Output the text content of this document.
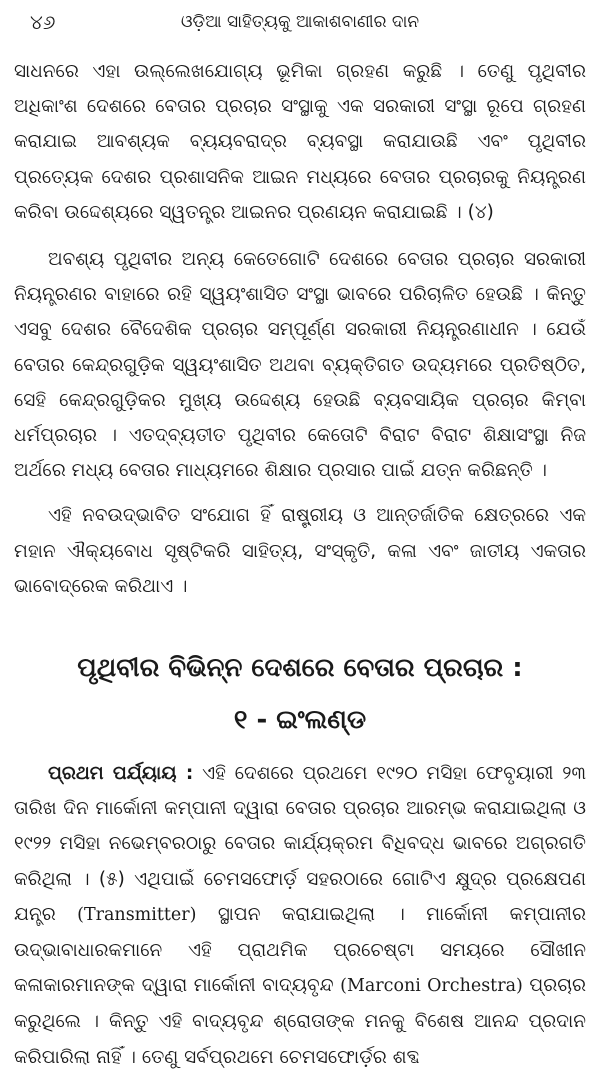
୪୬	ଓଡ଼ିଆ ସାହିତ୍ୟକୁ ଆକାଶବାଣୀର ଦାନ

ସାଧନରେ ଏହା ଉଲ୍ଲେଖଯୋଗ୍ୟ ଭୂମିକା ଗ୍ରହଣ କରୁଛି । ତେଣୁ ପୃଥିବୀର ଅଧିକାଂଶ ଦେଶରେ ବେତାର ପ୍ରଚାର ସଂସ୍ଥାକୁ ଏକ ସରକାରୀ ସଂସ୍ଥା ରୂପେ ଗ୍ରହଣ କରାଯାଇ ଆବଶ୍ୟକ ବ୍ୟୟବରାଦ୍‌ର ବ୍ୟବସ୍ଥା କରାଯାଉଛି ଏବଂ ପୃଥିବୀର ପ୍ରତ୍ୟେକ ଦେଶର ପ୍ରଶାସନିକ ଆଇନ ମଧ୍ୟରେ ବେତାର ପ୍ରଚାରକୁ ନିୟନ୍ତ୍ରଣ କରିବା ଉଦ୍ଦେଶ୍ୟରେ ସ୍ୱତନ୍ତ୍ର ଆଇନର ପ୍ରଣୟନ କରାଯାଇଛି । (୪)

ଅବଶ୍ୟ ପୃଥିବୀର ଅନ୍ୟ କେତେଗୋଟି ଦେଶରେ ବେତାର ପ୍ରଚାର ସରକାରୀ ନିୟନ୍ତ୍ରଣର ବାହାରେ ରହି ସ୍ୱୟଂଶାସିତ ସଂସ୍ଥା ଭାବରେ ପରିଚାଳିତ ହେଉଛି । କିନ୍ତୁ ଏସବୁ ଦେଶର ବୈଦେଶିକ ପ୍ରଚାର ସମ୍ପୂର୍ଣ୍ଣ ସରକାରୀ ନିୟନ୍ତ୍ରଣାଧୀନ । ଯେଉଁ ବେତାର କେନ୍ଦ୍ରଗୁଡ଼ିକ ସ୍ୱୟଂଶାସିତ ଅଥବା ବ୍ୟକ୍ତିଗତ ଉଦ୍ୟମରେ ପ୍ରତିଷ୍ଠିତ, ସେହି କେନ୍ଦ୍ରଗୁଡ଼ିକର ମୁଖ୍ୟ ଉଦ୍ଦେଶ୍ୟ ହେଉଛି ବ୍ୟବସାୟିକ ପ୍ରଚାର କିମ୍ବା ଧର୍ମପ୍ରଚାର । ଏତଦ୍‌ବ୍ୟତୀତ ପୃଥିବୀର କେତୋଟି ବିରାଟ ବିରାଟ ଶିକ୍ଷାସଂସ୍ଥା ନିଜ ଅର୍ଥରେ ମଧ୍ୟ ବେତାର ମାଧ୍ୟମରେ ଶିକ୍ଷାର ପ୍ରସାର ପାଇଁ ଯତ୍ନ କରିଛନ୍ତି ।

ଏହି ନବଉଦ୍‌ଭାବିତ ସଂଯୋଗ ହିଁ ରାଷ୍ଟ୍ରୀୟ ଓ ଆନ୍ତର୍ଜାତିକ କ୍ଷେତ୍ରରେ ଏକ ମହାନ ଐକ୍ୟବୋଧ ସୃଷ୍ଟିକରି ସାହିତ୍ୟ, ସଂସ୍କୃତି, କଳା ଏବଂ ଜାତୀୟ ଏକତାର ଭାବୋଦ୍ରେକ କରିଥାଏ ।

ପୃଥିବୀର ବିଭିନ୍ନ ଦେଶରେ ବେତାର ପ୍ରଚାର :
୧ - ଇଂଲଣ୍ଡ

ପ୍ରଥମ ପର୍ଯ୍ୟାୟ : ଏହି ଦେଶରେ ପ୍ରଥମେ ୧୯୨୦ ମସିହା ଫେବୃୟାରୀ ୨୩ ତାରିଖ ଦିନ ମାର୍କୋନୀ କମ୍ପାନୀ ଦ୍ୱାରା ବେତାର ପ୍ରଚାର ଆରମ୍ଭ କରାଯାଇଥିଲା ଓ ୧୯୨୨ ମସିହା ନଭେମ୍ବରଠାରୁ ବେତାର କାର୍ଯ୍ୟକ୍ରମ ବିଧିବଦ୍ଧ ଭାବରେ ଅଗ୍ରଗତି କରିଥିଲା । (୫) ଏଥିପାଇଁ ଚେମସଫୋର୍ଡ଼ ସହରଠାରେ ଗୋଟିଏ କ୍ଷୁଦ୍ର ପ୍ରକ୍ଷେପଣ ଯନ୍ତ୍ର (Transmitter) ସ୍ଥାପନ କରାଯାଇଥିଲା । ମାର୍କୋନୀ କମ୍ପାନୀର ଉଦ୍ଭାବାଧାରକମାନେ ଏହି ପ୍ରାଥମିକ ପ୍ରଚେଷ୍ଟା ସମୟରେ ସୌଖୀନ କଳାକାରମାନଙ୍କ ଦ୍ୱାରା ମାର୍କୋନୀ ବାଦ୍ୟବୃନ୍ଦ (Marconi Orchestra) ପ୍ରଚାର କରୁଥିଲେ । କିନ୍ତୁ ଏହି ବାଦ୍ୟବୃନ୍ଦ ଶ୍ରୋତାଙ୍କ ମନକୁ ବିଶେଷ ଆନନ୍ଦ ପ୍ରଦାନ କରିପାରିଲା ନାହିଁ । ତେଣୁ ସର୍ବପ୍ରଥମେ ଚେମସଫୋର୍ଡ଼ର ଶବ୍ଦ
